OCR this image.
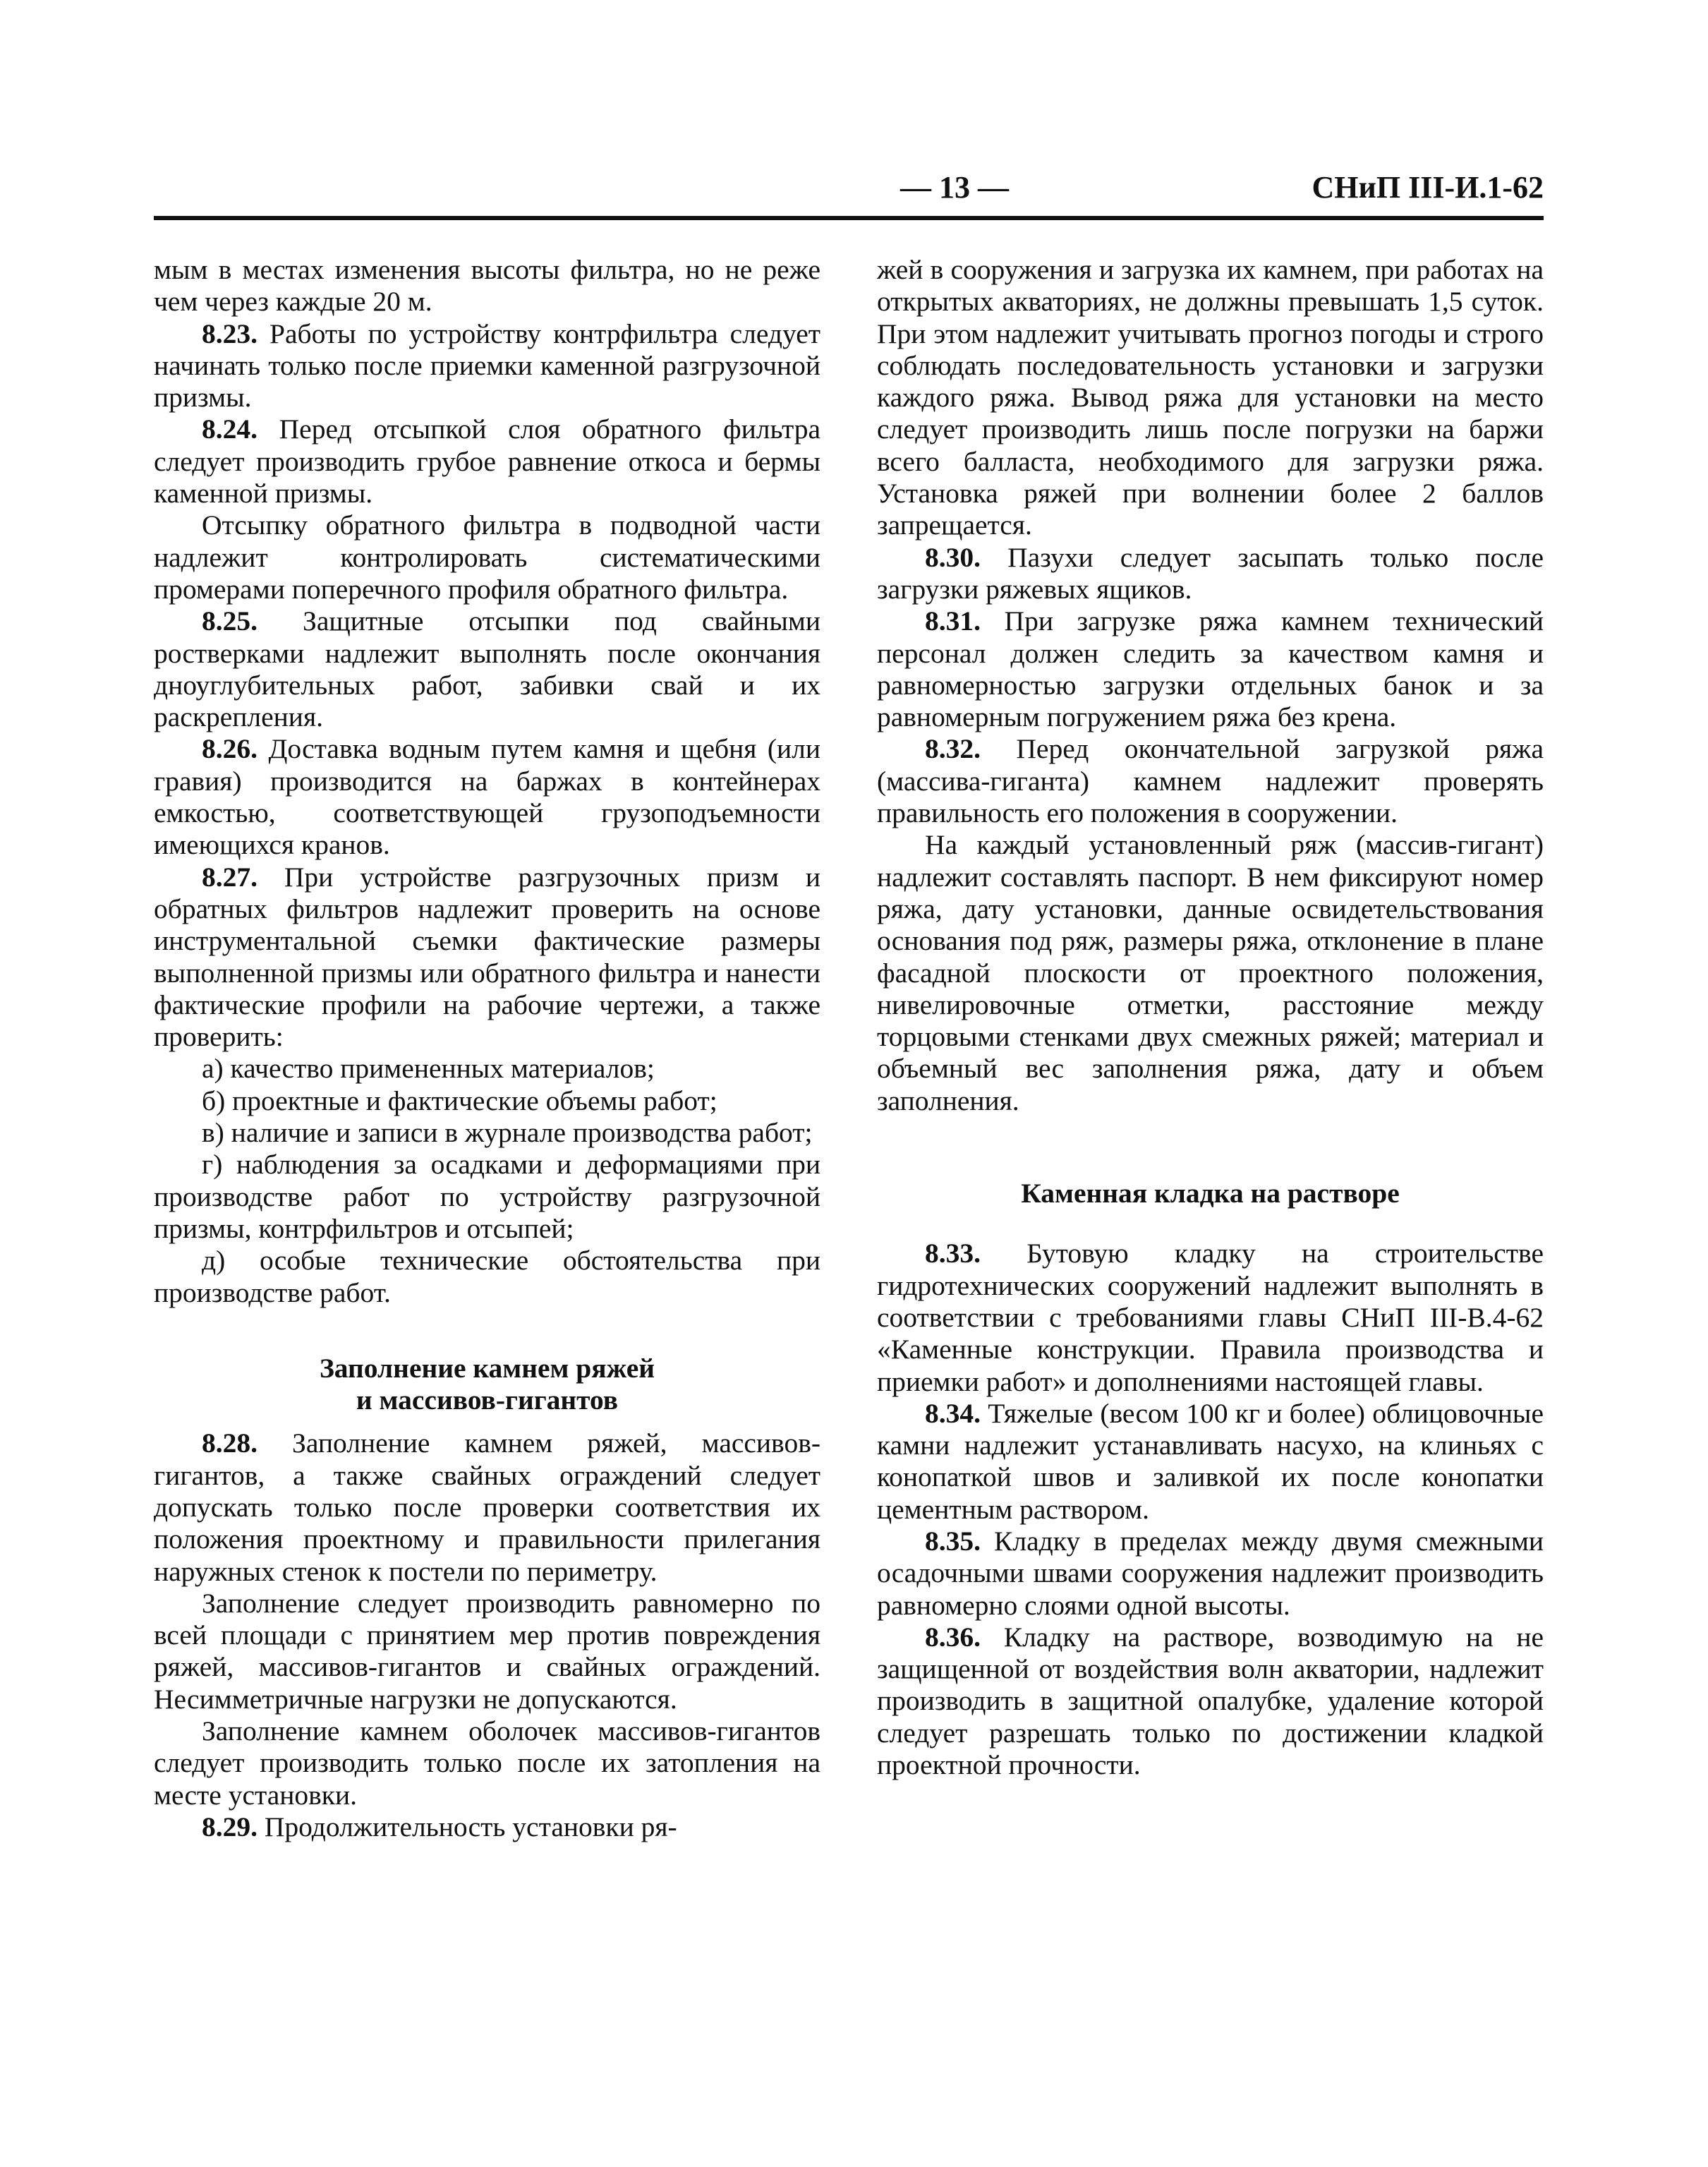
— 13 —	СНиП III-И.1-62

мым в местах изменения высоты фильтра, но не реже чем через каждые 20 м.

8.23. Работы по устройству контрфильтра следует начинать только после приемки каменной разгрузочной призмы.

8.24. Перед отсыпкой слоя обратного фильтра следует производить грубое равнение откоса и бермы каменной призмы.

Отсыпку обратного фильтра в подводной части надлежит контролировать систематическими промерами поперечного профиля обратного фильтра.

8.25. Защитные отсыпки под свайными ростверками надлежит выполнять после окончания дноуглубительных работ, забивки свай и их раскрепления.

8.26. Доставка водным путем камня и щебня (или гравия) производится на баржах в контейнерах емкостью, соответствующей грузоподъемности имеющихся кранов.

8.27. При устройстве разгрузочных призм и обратных фильтров надлежит проверить на основе инструментальной съемки фактические размеры выполненной призмы или обратного фильтра и нанести фактические профили на рабочие чертежи, а также проверить:

а) качество примененных материалов;

б) проектные и фактические объемы работ;

в) наличие и записи в журнале производства работ;

г) наблюдения за осадками и деформациями при производстве работ по устройству разгрузочной призмы, контрфильтров и отсыпей;

д) особые технические обстоятельства при производстве работ.

Заполнение камнем ряжей
и массивов-гигантов

8.28. Заполнение камнем ряжей, массивов-гигантов, а также свайных ограждений следует допускать только после проверки соответствия их положения проектному и правильности прилегания наружных стенок к постели по периметру.

Заполнение следует производить равномерно по всей площади с принятием мер против повреждения ряжей, массивов-гигантов и свайных ограждений. Несимметричные нагрузки не допускаются.

Заполнение камнем оболочек массивов-гигантов следует производить только после их затопления на месте установки.

8.29. Продолжительность установки ря-

жей в сооружения и загрузка их камнем, при работах на открытых акваториях, не должны превышать 1,5 суток. При этом надлежит учитывать прогноз погоды и строго соблюдать последовательность установки и загрузки каждого ряжа. Вывод ряжа для установки на место следует производить лишь после погрузки на баржи всего балласта, необходимого для загрузки ряжа. Установка ряжей при волнении более 2 баллов запрещается.

8.30. Пазухи следует засыпать только после загрузки ряжевых ящиков.

8.31. При загрузке ряжа камнем технический персонал должен следить за качеством камня и равномерностью загрузки отдельных банок и за равномерным погружением ряжа без крена.

8.32. Перед окончательной загрузкой ряжа (массива-гиганта) камнем надлежит проверять правильность его положения в сооружении.

На каждый установленный ряж (массив-гигант) надлежит составлять паспорт. В нем фиксируют номер ряжа, дату установки, данные освидетельствования основания под ряж, размеры ряжа, отклонение в плане фасадной плоскости от проектного положения, нивелировочные отметки, расстояние между торцовыми стенками двух смежных ряжей; материал и объемный вес заполнения ряжа, дату и объем заполнения.

Каменная кладка на растворе

8.33. Бутовую кладку на строительстве гидротехнических сооружений надлежит выполнять в соответствии с требованиями главы СНиП III-В.4-62 «Каменные конструкции. Правила производства и приемки работ» и дополнениями настоящей главы.

8.34. Тяжелые (весом 100 кг и более) облицовочные камни надлежит устанавливать насухо, на клиньях с конопаткой швов и заливкой их после конопатки цементным раствором.

8.35. Кладку в пределах между двумя смежными осадочными швами сооружения надлежит производить равномерно слоями одной высоты.

8.36. Кладку на растворе, возводимую на не защищенной от воздействия волн акватории, надлежит производить в защитной опалубке, удаление которой следует разрешать только по достижении кладкой проектной прочности.
